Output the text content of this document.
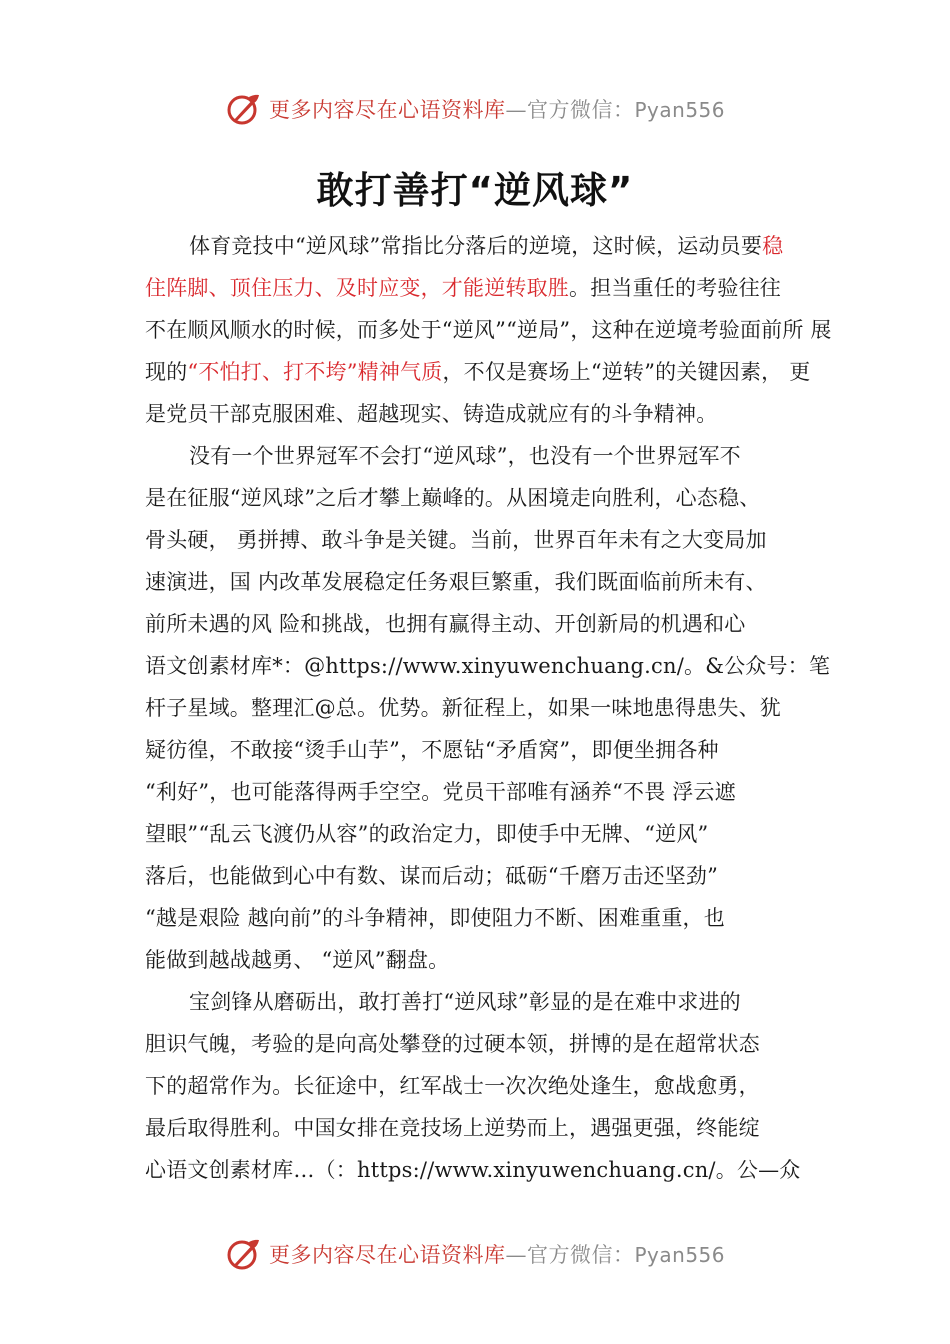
更多内容尽在心语资料库—官方微信：Pyan556
敢打善打“逆风球”

体育竞技中“逆风球”常指比分落后的逆境，这时候，运动员要稳
住阵脚、顶住压力、及时应变，才能逆转取胜。担当重任的考验往往
不在顺风顺水的时候，而多处于“逆风”“逆局”，这种在逆境考验面前所 展
现的“不怕打、打不垮”精神气质，不仅是赛场上“逆转”的关键因素， 更
是党员干部克服困难、超越现实、铸造成就应有的斗争精神。

没有一个世界冠军不会打“逆风球”，也没有一个世界冠军不
是在征服“逆风球”之后才攀上巅峰的。从困境走向胜利，心态稳、
骨头硬， 勇拼搏、敢斗争是关键。当前，世界百年未有之大变局加
速演进，国 内改革发展稳定任务艰巨繁重，我们既面临前所未有、
前所未遇的风 险和挑战，也拥有赢得主动、开创新局的机遇和心
语文创素材库*：@https://www.xinyuwenchuang.cn/。&公众号：笔
杆子星域。整理汇@总。优势。新征程上，如果一味地患得患失、犹
疑彷徨，不敢接“烫手山芋”，不愿钻“矛盾窝”，即便坐拥各种
“利好”，也可能落得两手空空。党员干部唯有涵养“不畏 浮云遮
望眼”“乱云飞渡仍从容”的政治定力，即使手中无牌、“逆风”
落后，也能做到心中有数、谋而后动；砥砺“千磨万击还坚劲”
“越是艰险 越向前”的斗争精神，即使阻力不断、困难重重，也
能做到越战越勇、 “逆风”翻盘。

宝剑锋从磨砺出，敢打善打“逆风球”彰显的是在难中求进的
胆识气魄，考验的是向高处攀登的过硬本领，拼博的是在超常状态
下的超常作为。长征途中，红军战士一次次绝处逢生，愈战愈勇，
最后取得胜利。中国女排在竞技场上逆势而上，遇强更强，终能绽
心语文创素材库…（：https://www.xinyuwenchuang.cn/。公—众

更多内容尽在心语资料库—官方微信：Pyan556
